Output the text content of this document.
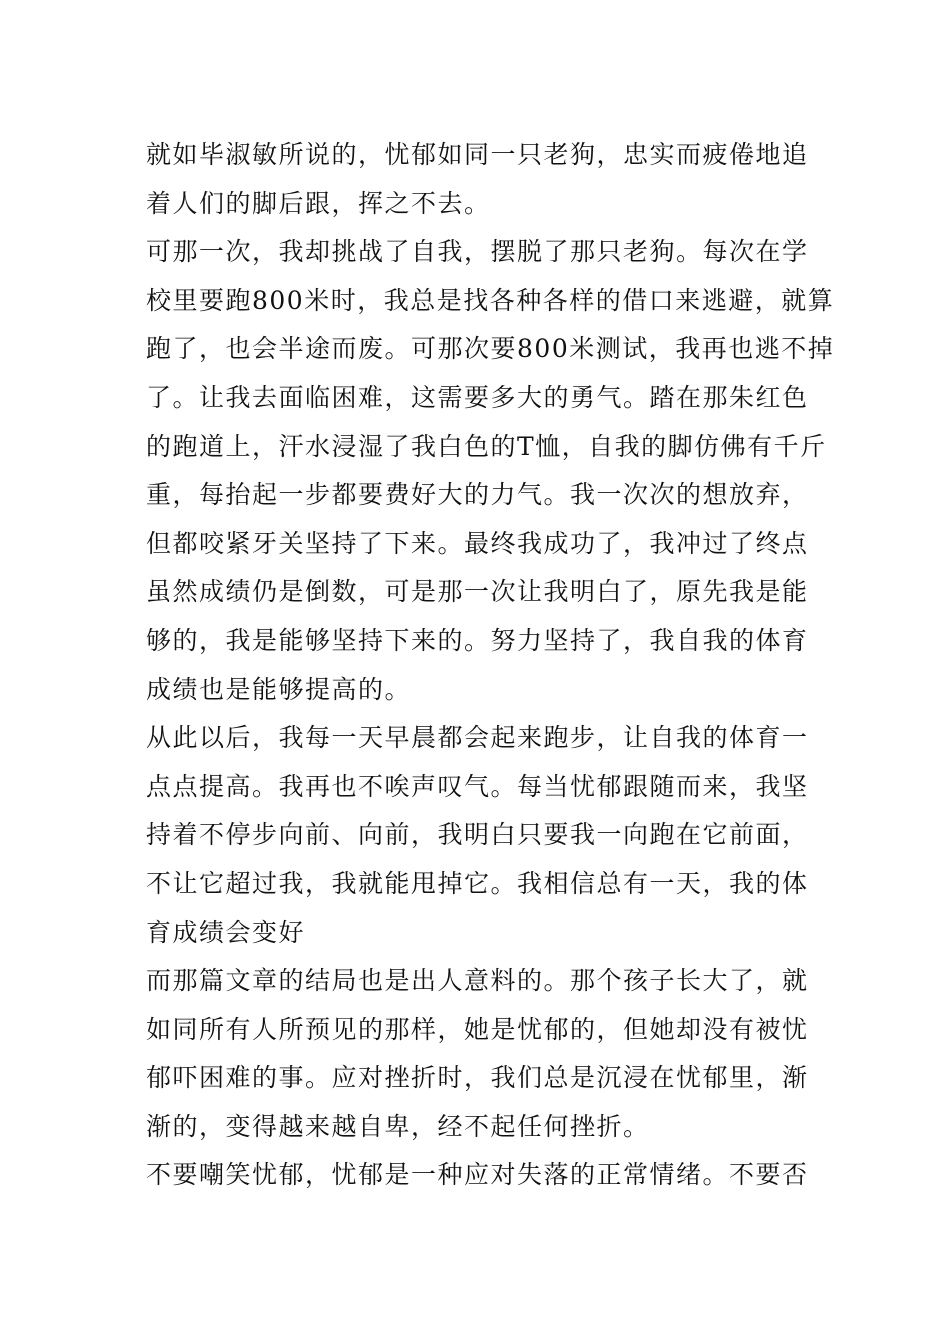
就如毕淑敏所说的，忧郁如同一只老狗，忠实而疲倦地追
着人们的脚后跟，挥之不去。
可那一次，我却挑战了自我，摆脱了那只老狗。每次在学
校里要跑800米时，我总是找各种各样的借口来逃避，就算
跑了，也会半途而废。可那次要800米测试，我再也逃不掉
了。让我去面临困难，这需要多大的勇气。踏在那朱红色
的跑道上，汗水浸湿了我白色的T恤，自我的脚仿佛有千斤
重，每抬起一步都要费好大的力气。我一次次的想放弃，
但都咬紧牙关坚持了下来。最终我成功了，我冲过了终点
虽然成绩仍是倒数，可是那一次让我明白了，原先我是能
够的，我是能够坚持下来的。努力坚持了，我自我的体育
成绩也是能够提高的。
从此以后，我每一天早晨都会起来跑步，让自我的体育一
点点提高。我再也不唉声叹气。每当忧郁跟随而来，我坚
持着不停步向前、向前，我明白只要我一向跑在它前面，
不让它超过我，我就能甩掉它。我相信总有一天，我的体
育成绩会变好
而那篇文章的结局也是出人意料的。那个孩子长大了，就
如同所有人所预见的那样，她是忧郁的，但她却没有被忧
郁吓困难的事。应对挫折时，我们总是沉浸在忧郁里，渐
渐的，变得越来越自卑，经不起任何挫折。
不要嘲笑忧郁，忧郁是一种应对失落的正常情绪。不要否
